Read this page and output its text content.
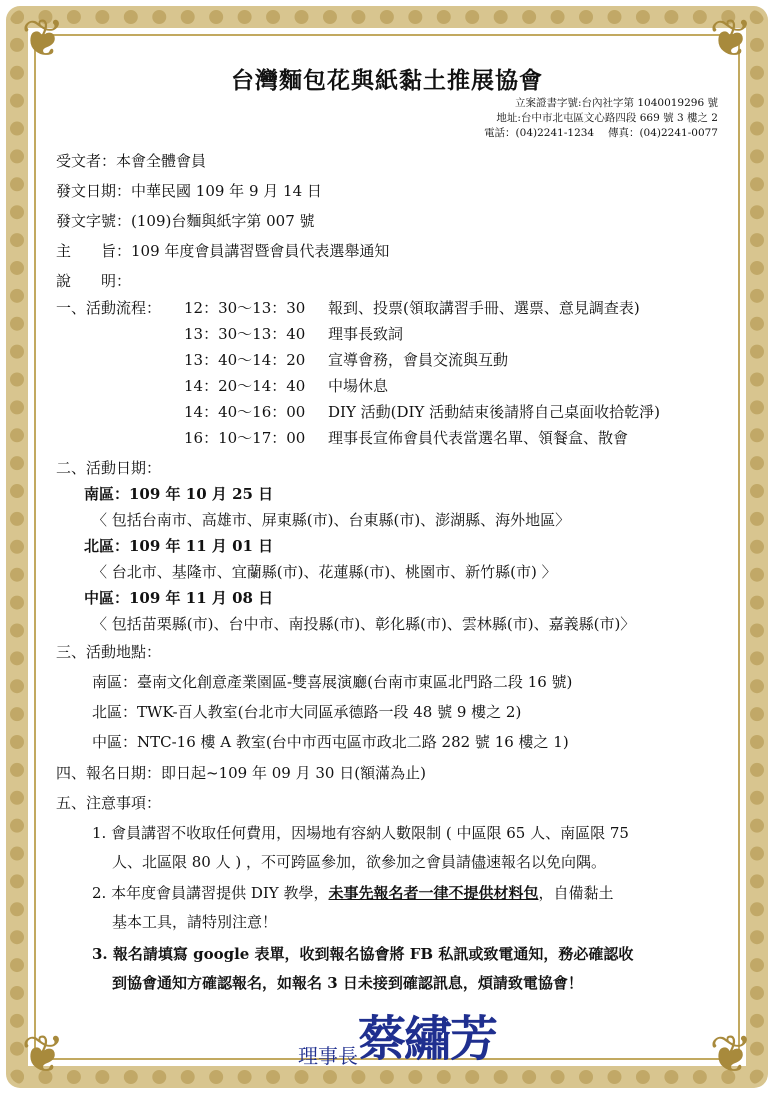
❦	❦
❦	❦
台灣麵包花與紙黏土推展協會
立案證書字號:台內社字第 1040019296 號
地址:台中市北屯區文心路四段 669 號 3 樓之 2
電話：(04)2241-1234　 傳真：(04)2241-0077
受文者：本會全體會員
發文日期：中華民國 109 年 9 月 14 日
發文字號：(109)台麵與紙字第 007 號
主　　旨：109 年度會員講習暨會員代表選舉通知
說　　明：
一、活動流程： 12：30～13：30 報到、投票(領取講習手冊、選票、意見調查表)
13：30～13：40 理事長致詞
13：40～14：20 宣導會務，會員交流與互動
14：20～14：40 中場休息
14：40～16：00 DIY 活動(DIY 活動結束後請將自己桌面收拾乾淨)
16：10～17：00 理事長宣佈會員代表當選名單、領餐盒、散會
二、活動日期：
南區：109 年 10 月 25 日
〈 包括台南市、高雄市、屏東縣(市)、台東縣(市)、澎湖縣、海外地區〉
北區：109 年 11 月 01 日
〈 台北市、基隆市、宜蘭縣(市)、花蓮縣(市)、桃園市、新竹縣(市) 〉
中區：109 年 11 月 08 日
〈 包括苗栗縣(市)、台中市、南投縣(市)、彰化縣(市)、雲林縣(市)、嘉義縣(市)〉
三、活動地點：
南區：臺南文化創意產業園區-雙喜展演廳(台南市東區北門路二段 16 號)
北區：TWK-百人教室(台北市大同區承德路一段 48 號 9 樓之 2)
中區：NTC-16 樓 A 教室(台中市西屯區市政北二路 282 號 16 樓之 1)
四、報名日期：即日起~109 年 09 月 30 日(額滿為止)
五、注意事項：
1. 會員講習不收取任何費用，因場地有容納人數限制 ( 中區限 65 人、南區限 75
人、北區限 80 人 ) ，不可跨區參加，欲參加之會員請儘速報名以免向隅。
2. 本年度會員講習提供 DIY 教學，未事先報名者一律不提供材料包，自備黏土
基本工具，請特別注意！
3. 報名請填寫 google 表單，收到報名協會將 FB 私訊或致電通知，務必確認收
到協會通知方確認報名，如報名 3 日未接到確認訊息，煩請致電協會！
理事長蔡繡芳
